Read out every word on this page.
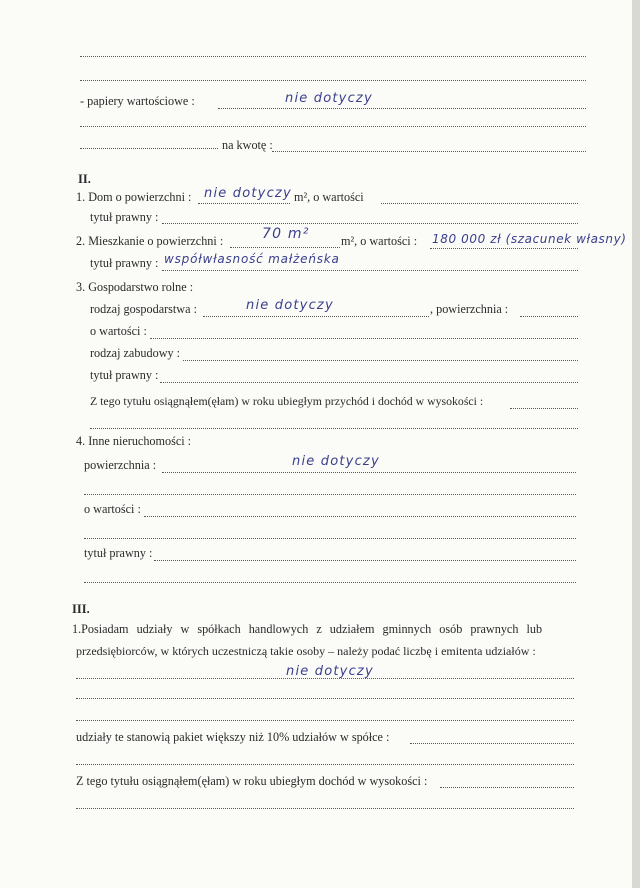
- papiery wartościowe :	nie dotyczy
na kwotę :
II.
1. Dom o powierzchni : nie dotyczy m², o wartości
tytuł prawny :
2. Mieszkanie o powierzchni :	70 m²	m², o wartości : 180 000 zł (szacunek własny)
tytuł prawny : współwłasność małżeńska
3. Gospodarstwo rolne :
rodzaj gospodarstwa :	nie dotyczy	, powierzchnia :
o wartości :
rodzaj zabudowy :
tytuł prawny :
Z tego tytułu osiągnąłem(ęłam) w roku ubiegłym przychód i dochód w wysokości :
4. Inne nieruchomości :
powierzchnia :	nie dotyczy
o wartości :
tytuł prawny :
III.
1.Posiadam udziały w spółkach handlowych z udziałem gminnych osób prawnych lub
przedsiębiorców, w których uczestniczą takie osoby – należy podać liczbę i emitenta udziałów :
nie dotyczy
udziały te stanowią pakiet większy niż 10% udziałów w spółce :
Z tego tytułu osiągnąłem(ęłam) w roku ubiegłym dochód w wysokości :
